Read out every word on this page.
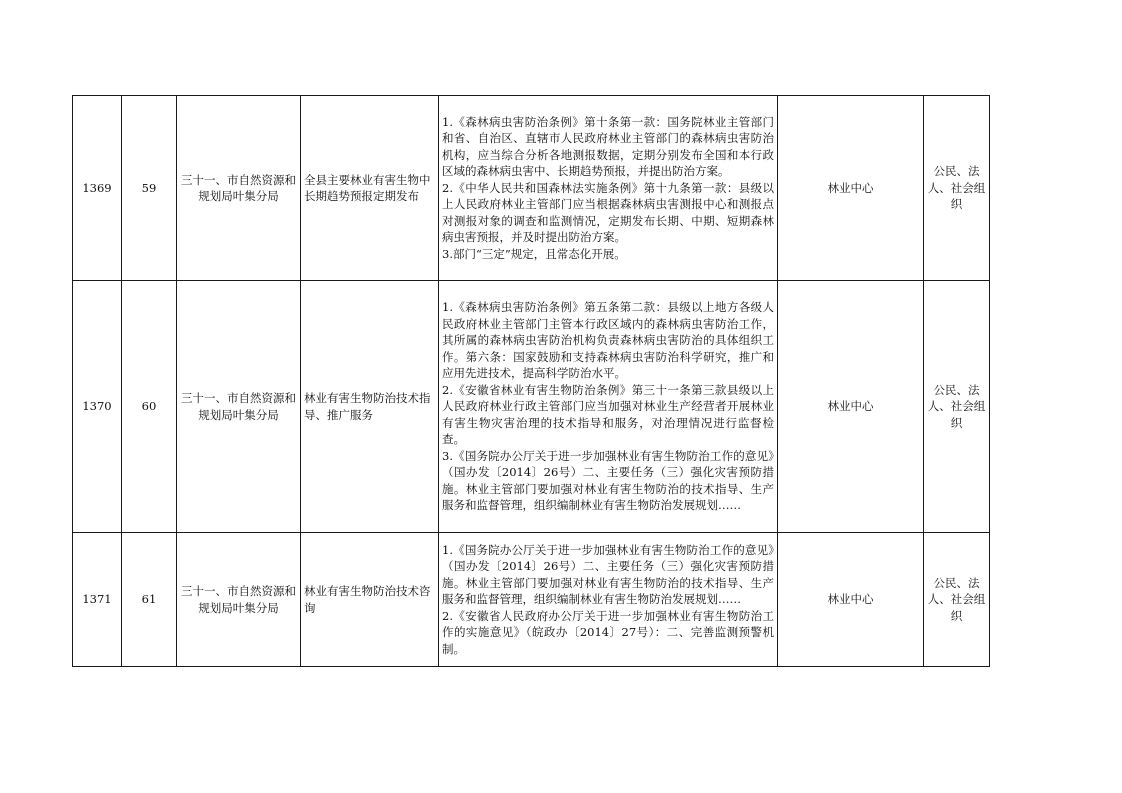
1369	59	三十一、市自然资源和规划局叶集分局	全县主要林业有害生物中长期趋势预报定期发布	1.《森林病虫害防治条例》第十条第一款：国务院林业主管部门和省、自治区、直辖市人民政府林业主管部门的森林病虫害防治机构，应当综合分析各地测报数据，定期分别发布全国和本行政区域的森林病虫害中、长期趋势预报，并提出防治方案。

2.《中华人民共和国森林法实施条例》第十九条第一款：县级以上人民政府林业主管部门应当根据森林病虫害测报中心和测报点对测报对象的调查和监测情况，定期发布长期、中期、短期森林病虫害预报，并及时提出防治方案。

3.部门“三定”规定，且常态化开展。	林业中心	公民、法人、社会组织
1370	60	三十一、市自然资源和规划局叶集分局	林业有害生物防治技术指导、推广服务	1.《森林病虫害防治条例》第五条第二款：县级以上地方各级人民政府林业主管部门主管本行政区域内的森林病虫害防治工作，其所属的森林病虫害防治机构负责森林病虫害防治的具体组织工作。第六条：国家鼓励和支持森林病虫害防治科学研究，推广和应用先进技术，提高科学防治水平。

2.《安徽省林业有害生物防治条例》第三十一条第三款县级以上人民政府林业行政主管部门应当加强对林业生产经营者开展林业有害生物灾害治理的技术指导和服务，对治理情况进行监督检查。

3.《国务院办公厅关于进一步加强林业有害生物防治工作的意见》（国办发〔2014〕26号）二、主要任务（三）强化灾害预防措施。林业主管部门要加强对林业有害生物防治的技术指导、生产服务和监督管理，组织编制林业有害生物防治发展规划……	林业中心	公民、法人、社会组织
1371	61	三十一、市自然资源和规划局叶集分局	林业有害生物防治技术咨询	1.《国务院办公厅关于进一步加强林业有害生物防治工作的意见》（国办发〔2014〕26号）二、主要任务（三）强化灾害预防措施。林业主管部门要加强对林业有害生物防治的技术指导、生产服务和监督管理，组织编制林业有害生物防治发展规划……

2.《安徽省人民政府办公厅关于进一步加强林业有害生物防治工作的实施意见》（皖政办〔2014〕27号）：二、完善监测预警机制。	林业中心	公民、法人、社会组织
